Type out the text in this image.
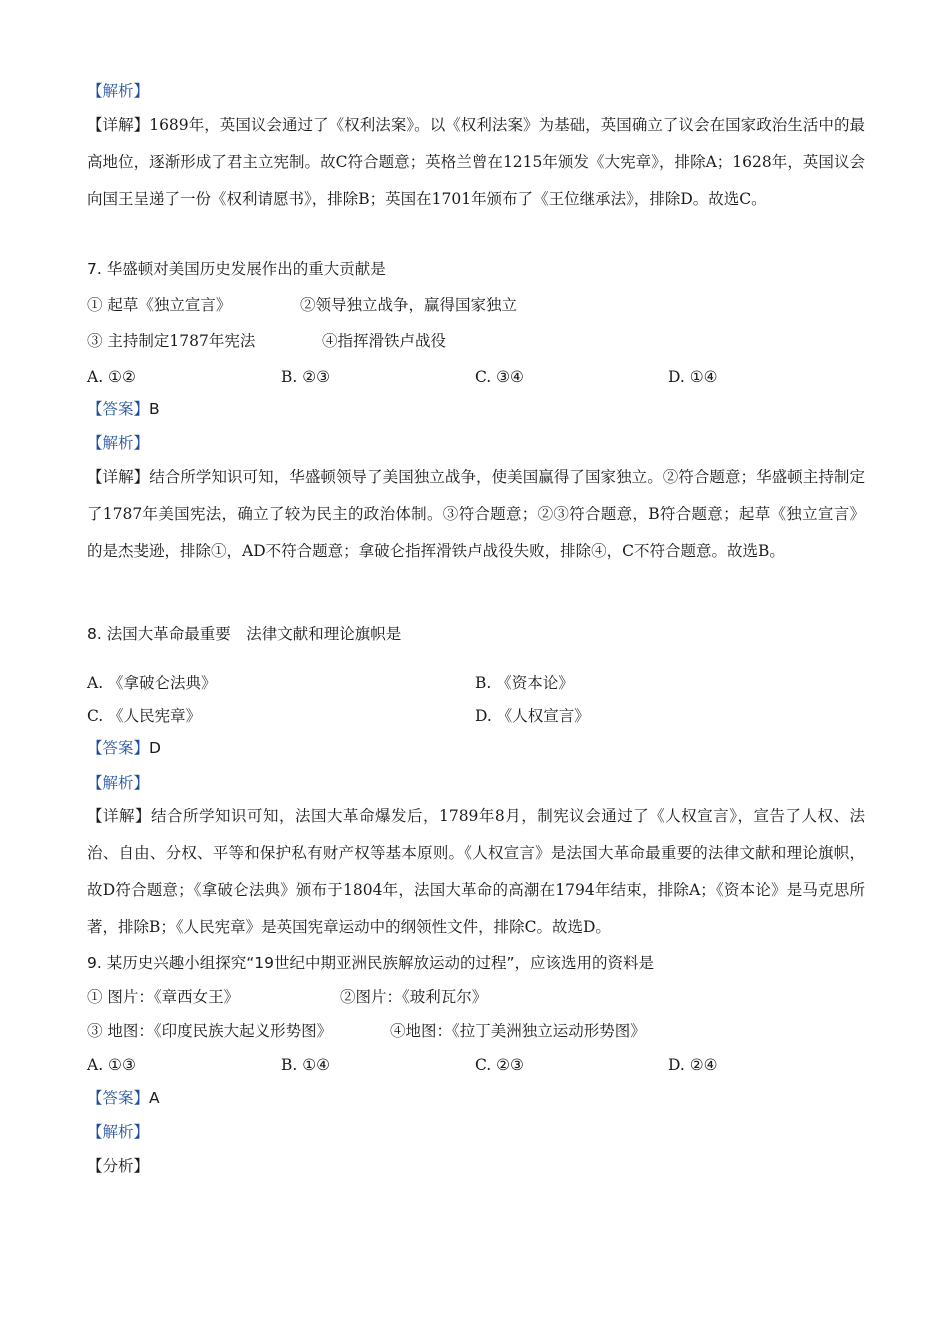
【解析】
【详解】1689年，英国议会通过了《权利法案》。以《权利法案》为基础，英国确立了议会在国家政治生活中的最高地位，逐渐形成了君主立宪制。故C符合题意；英格兰曾在1215年颁发《大宪章》，排除A；1628年，英国议会向国王呈递了一份《权利请愿书》，排除B；英国在1701年颁布了《王位继承法》，排除D。故选C。
7. 华盛顿对美国历史发展作出的重大贡献是
① 起草《独立宣言》	②领导独立战争，赢得国家独立
③ 主持制定1787年宪法	④指挥滑铁卢战役
A. ①②	B. ②③	C. ③④	D. ①④
【答案】B
【解析】
【详解】结合所学知识可知，华盛顿领导了美国独立战争，使美国赢得了国家独立。②符合题意；华盛顿主持制定了1787年美国宪法，确立了较为民主的政治体制。③符合题意；②③符合题意，B符合题意；起草《独立宣言》的是杰斐逊，排除①，AD不符合题意；拿破仑指挥滑铁卢战役失败，排除④，C不符合题意。故选B。
8. 法国大革命最重要　法律文献和理论旗帜是
A. 《拿破仑法典》	B. 《资本论》
C. 《人民宪章》	D. 《人权宣言》
【答案】D
【解析】
【详解】结合所学知识可知，法国大革命爆发后，1789年8月，制宪议会通过了《人权宣言》，宣告了人权、法治、自由、分权、平等和保护私有财产权等基本原则。《人权宣言》是法国大革命最重要的法律文献和理论旗帜，故D符合题意；《拿破仑法典》颁布于1804年，法国大革命的高潮在1794年结束，排除A；《资本论》是马克思所著，排除B；《人民宪章》是英国宪章运动中的纲领性文件，排除C。故选D。
9. 某历史兴趣小组探究“19世纪中期亚洲民族解放运动的过程”，应该选用的资料是
① 图片：《章西女王》	②图片：《玻利瓦尔》
③ 地图：《印度民族大起义形势图》	④地图：《拉丁美洲独立运动形势图》
A. ①③	B. ①④	C. ②③	D. ②④
【答案】A
【解析】
【分析】
